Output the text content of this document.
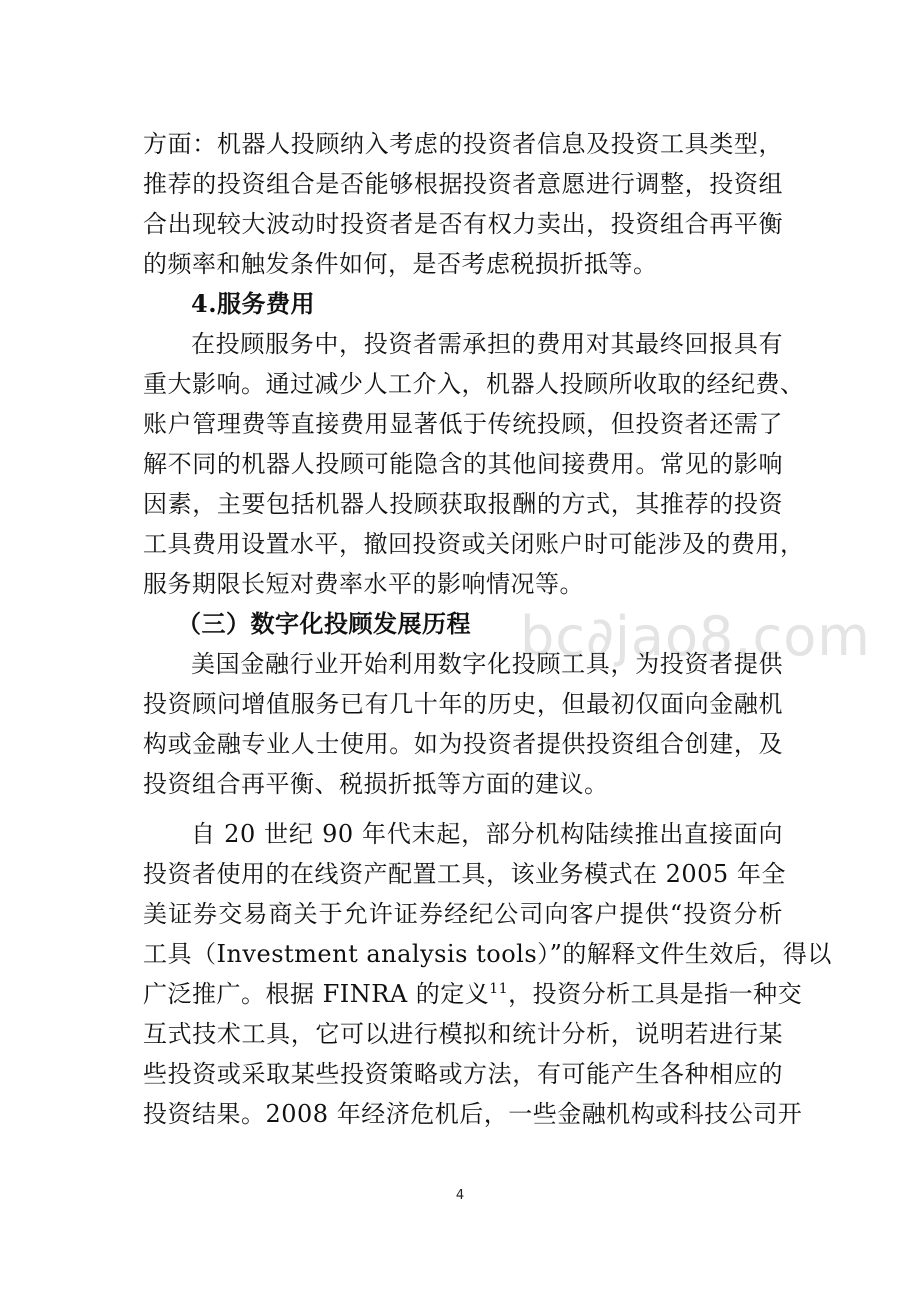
方面：机器人投顾纳入考虑的投资者信息及投资工具类型，
推荐的投资组合是否能够根据投资者意愿进行调整，投资组
合出现较大波动时投资者是否有权力卖出，投资组合再平衡
的频率和触发条件如何，是否考虑税损折抵等。
4.服务费用
在投顾服务中，投资者需承担的费用对其最终回报具有
重大影响。通过减少人工介入，机器人投顾所收取的经纪费、
账户管理费等直接费用显著低于传统投顾，但投资者还需了
解不同的机器人投顾可能隐含的其他间接费用。常见的影响
因素，主要包括机器人投顾获取报酬的方式，其推荐的投资
工具费用设置水平，撤回投资或关闭账户时可能涉及的费用，
服务期限长短对费率水平的影响情况等。
（三）数字化投顾发展历程 bc∂jao8.com
美国金融行业开始利用数字化投顾工具，为投资者提供
投资顾问增值服务已有几十年的历史，但最初仅面向金融机
构或金融专业人士使用。如为投资者提供投资组合创建，及
投资组合再平衡、税损折抵等方面的建议。
自 20 世纪 90 年代末起，部分机构陆续推出直接面向
投资者使用的在线资产配置工具，该业务模式在 2005 年全
美证券交易商关于允许证券经纪公司向客户提供“投资分析
工具（Investment analysis tools）”的解释文件生效后，得以
广泛推广。根据 FINRA 的定义$^{11}$，投资分析工具是指一种交
互式技术工具，它可以进行模拟和统计分析，说明若进行某
些投资或采取某些投资策略或方法，有可能产生各种相应的
投资结果。2008 年经济危机后，一些金融机构或科技公司开
4
